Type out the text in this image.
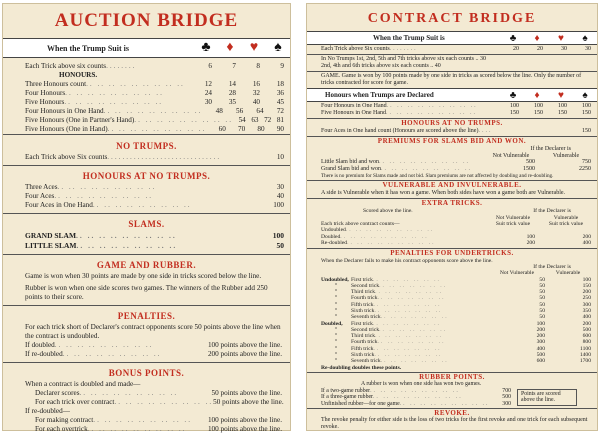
AUCTION BRIDGE
When the Trump Suit is	♣	♦	♥	♠
Each Trick above six counts ........	6	7	8	9
HONOURS.
Three Honours count .. .. .. .. .. .. .. .. ..	12	14	16	18
Four Honours .. .. .. .. .. .. .. .. ..	24	28	32	36
Five Honours .. .. .. .. .. .. .. .. ..	30	35	40	45
Four Honours in One Hand .. .. .. .. .. .. .. .. ..	48	56	64	72
Five Honours (One in Partner's Hand) .. .. .. .. .. .. .. .. .. 54 63 72 81
Five Honours (One in Hand) .. .. .. .. .. .. .. .. ..	60	70	80	90
NO TRUMPS.
Each Trick above Six counts ..............................	10
HONOURS AT NO TRUMPS.
Three Aces .. .. .. .. .. .. .. .. ..	30
Four Aces .. .. .. .. .. .. .. .. ..	40
Four Aces in One Hand .. .. .. .. .. .. .. .. ..	100
SLAMS.
GRAND SLAM .. .. .. .. .. .. .. .. ..	100
LITTLE SLAM .. .. .. .. .. .. .. .. ..	50
GAME AND RUBBER.

Game is won when 30 points are made by one side in tricks scored below the line.

Rubber is won when one side scores two games. The winners of the Rubber add 250 points to their score.

PENALTIES.

For each trick short of Declarer's contract opponents score 50 points above the line when the contract is undoubled.

If doubled .. .. .. .. .. .. .. .. ..	100 points above the line.
If re-doubled .. .. .. .. .. .. .. .. ..	200 points above the line.
BONUS POINTS.

When a contract is doubled and made—

Declarer scores .. .. .. .. .. .. .. .. ..	50 points above the line.
For each trick over contract .. .. .. .. .. .. .. .. .. 50 points above the line.

If re-doubled—

For making contract .. .. .. .. .. .. .. .. ..	100 points above the line.
For each overtrick .. .. .. .. .. .. .. .. ..	100 points above the line.
CONTRACT BRIDGE
When the Trump Suit is	♣	♦	♥	♠
Each Trick above Six counts ........	20	20	30	30

In No Trumps 1st, 2nd, 5th and 7th tricks above six each counts .. 30
2nd, 4th and 6th tricks above six each counts .. 40

GAME. Game is won by 100 points made by one side in tricks as scored below the line. Only the number of tricks contracted for score for game.

Honours when Trumps are Declared	♣	♦	♥	♠
Four Honours in One Hand .. .. .. .. .. .. .. .. ..	100	100	100	100
Five Honours in One Hand .. .. .. .. .. .. .. .. ..	150	150	150	150
HONOURS AT NO TRUMPS.
Four Aces in One hand count (Honours are scored above the line) ....	150
PREMIUMS FOR SLAMS BID AND WON.
If the Declarer is
Not Vulnerable	Vulnerable
Little Slam bid and won .. .. .. .. .. .. .. .. ..	500	750
Grand Slam bid and won .. .. .. .. .. .. .. .. ..	1500	2250

There is no premium for Slams made and not bid. Slam premiums are not affected by doubling and re-doubling.

VULNERABLE AND INVULNERABLE.

A side is Vulnerable when it has won a game. When both sides have won a game both are Vulnerable.

EXTRA TRICKS.
Scored above the line.	If the Declarer is
Not Vulnerable	Vulnerable
Each trick above contract counts—	Suit trick value	Suit trick value
Undoubled .. .. .. .. .. .. .. .. ..
Doubled .. .. .. .. .. .. .. .. ..	100	200
Re-doubled .. .. .. .. .. .. .. .. ..	200	400
PENALTIES FOR UNDERTRICKS.

When the Declarer fails to make his contract opponents score above the line.

If the Declarer is
Not Vulnerable	Vulnerable
Undoubled, First trick .. .. .. .. .. .. ..	50	100
"	Second trick .. .. .. .. .. .. ..	50	150
"	Third trick .. .. .. .. .. .. ..	50	200
"	Fourth trick .. .. .. .. .. .. ..	50	250
"	Fifth trick .. .. .. .. .. .. ..	50	300
"	Sixth trick .. .. .. .. .. .. ..	50	350
"	Seventh trick .. .. .. .. .. .. ..	50	400
Doubled,	First trick .. .. .. .. .. .. ..	100	200
"	Second trick .. .. .. .. .. .. ..	200	500
"	Third trick .. .. .. .. .. .. ..	200	600
"	Fourth trick .. .. .. .. .. .. ..	300	800
"	Fifth trick .. .. .. .. .. .. ..	400	1100
"	Sixth trick .. .. .. .. .. .. ..	500	1400
"	Seventh trick .. .. .. .. .. .. ..	600	1700
Re-doubling doubles these points.
RUBBER POINTS.

A rubber is won when one side has won two games.

If a two-game rubber .. .. .. .. .. .. .. .. ..	700
If a three-game rubber .. .. .. .. .. .. .. .. ..	500
Unfinished rubber—for one game .. .. .. .. .. .. .. .. ..	300
Points are scored above the line.
REVOKE.

The revoke penalty for either side is the loss of two tricks for the first revoke and one trick for each subsequent revoke.
